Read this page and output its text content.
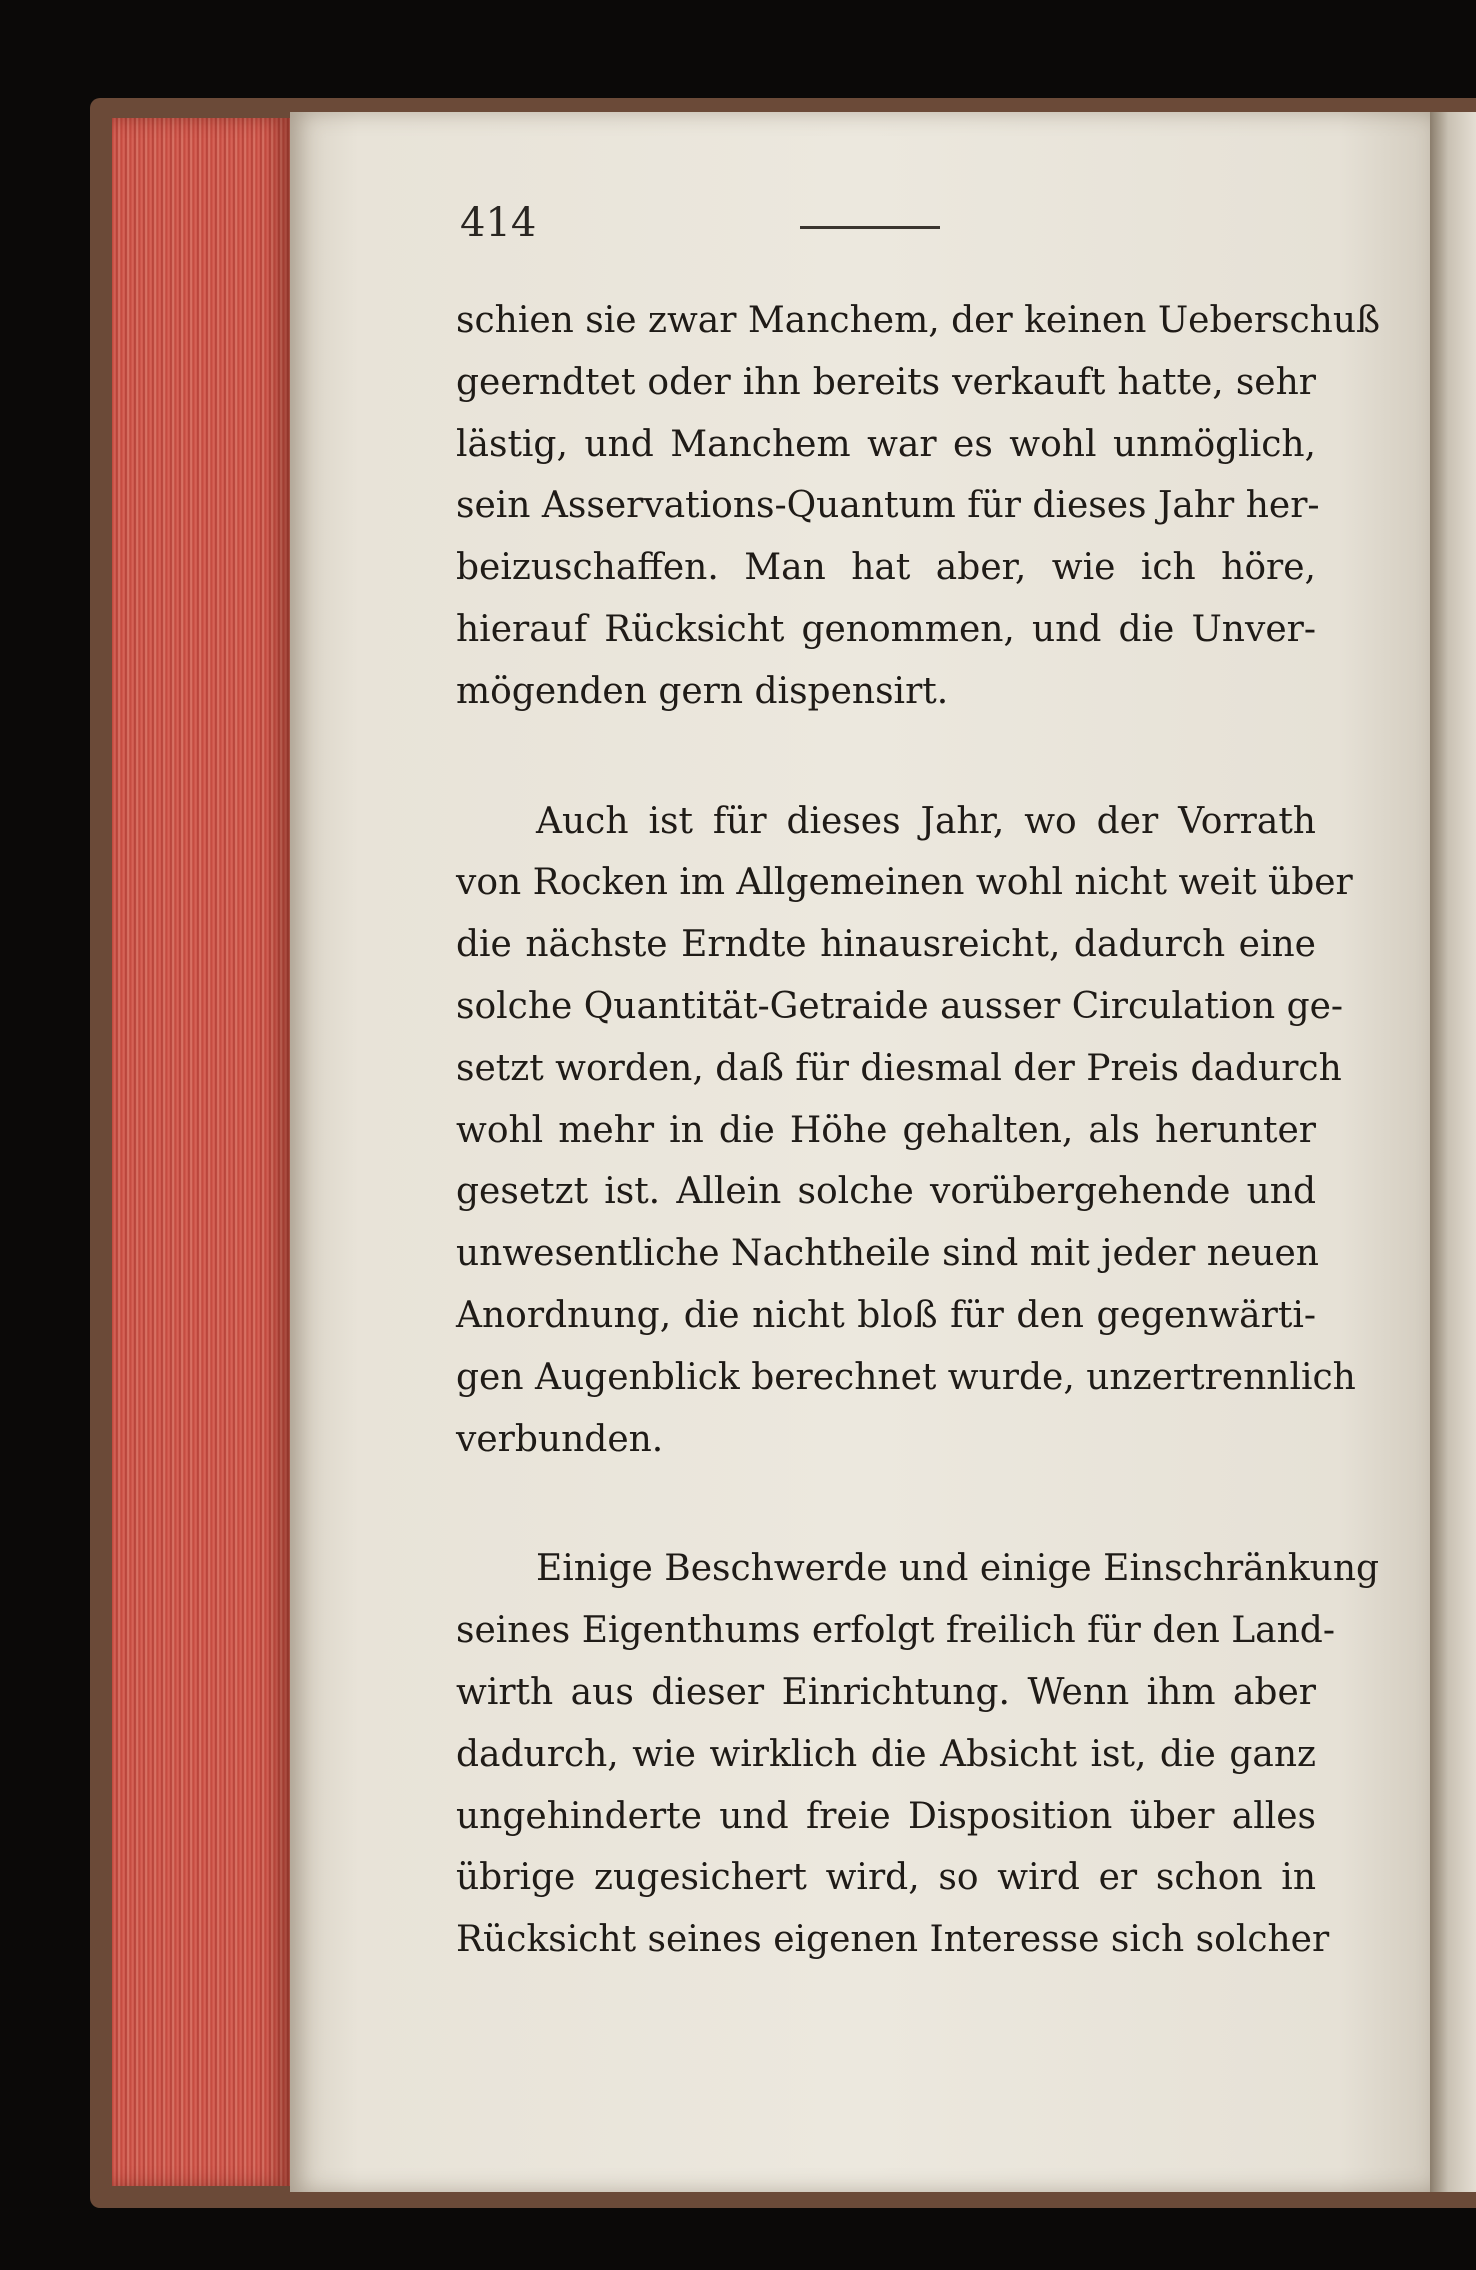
414

schien sie zwar Manchem, der keinen Ueberschuß
geerndtet oder ihn bereits verkauft hatte, sehr
lästig, und Manchem war es wohl unmöglich,
sein Asservations-Quantum für dieses Jahr her-
beizuschaffen. Man hat aber, wie ich höre,
hierauf Rücksicht genommen, und die Unver-
mögenden gern dispensirt.

Auch ist für dieses Jahr, wo der Vorrath
von Rocken im Allgemeinen wohl nicht weit über
die nächste Erndte hinausreicht, dadurch eine
solche Quantität-Getraide ausser Circulation ge-
setzt worden, daß für diesmal der Preis dadurch
wohl mehr in die Höhe gehalten, als herunter
gesetzt ist. Allein solche vorübergehende und
unwesentliche Nachtheile sind mit jeder neuen
Anordnung, die nicht bloß für den gegenwärti-
gen Augenblick berechnet wurde, unzertrennlich
verbunden.

Einige Beschwerde und einige Einschränkung
seines Eigenthums erfolgt freilich für den Land-
wirth aus dieser Einrichtung. Wenn ihm aber
dadurch, wie wirklich die Absicht ist, die ganz
ungehinderte und freie Disposition über alles
übrige zugesichert wird, so wird er schon in
Rücksicht seines eigenen Interesse sich solcher
